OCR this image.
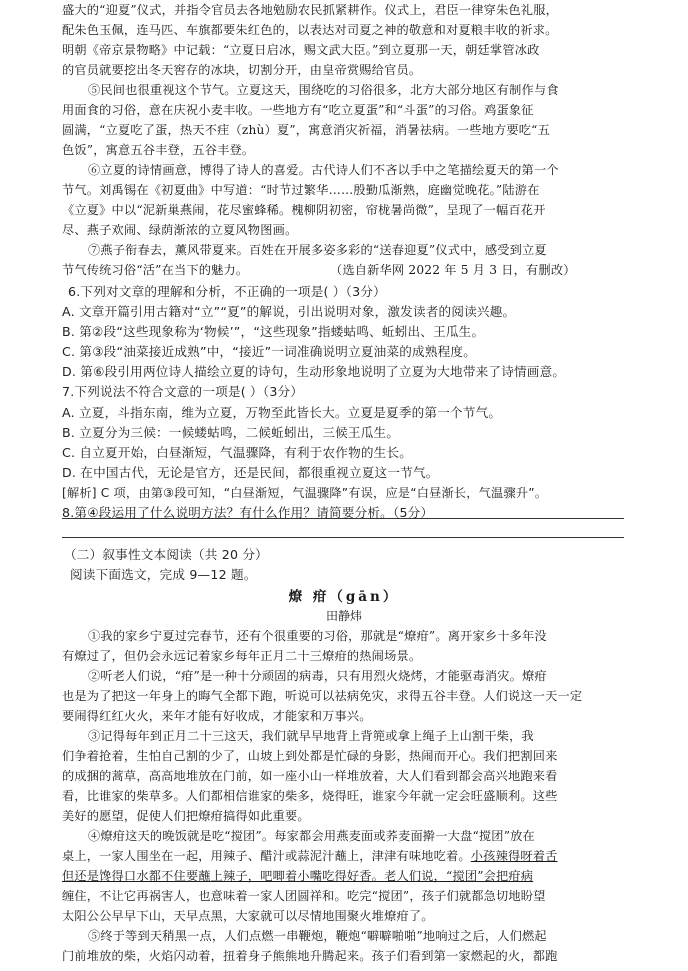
盛大的“迎夏”仪式，并指令官员去各地勉励农民抓紧耕作。仪式上，君臣一律穿朱色礼服，
配朱色玉佩，连马匹、车旗都要朱红色的，以表达对司夏之神的敬意和对夏粮丰收的祈求。
明朝《帝京景物略》中记载：“立夏日启冰，赐文武大臣。”到立夏那一天，朝廷掌管冰政
的官员就要挖出冬天窖存的冰块，切割分开，由皇帝赏赐给官员。
⑤民间也很重视这个节气。立夏这天，围绕吃的习俗很多，北方大部分地区有制作与食
用面食的习俗，意在庆祝小麦丰收。一些地方有“吃立夏蛋”和“斗蛋”的习俗。鸡蛋象征
圆满，“立夏吃了蛋，热天不疰（zhù）夏”，寓意消灾祈福，消暑祛病。一些地方要吃“五
色饭”，寓意五谷丰登，五谷丰登。
⑥立夏的诗情画意，博得了诗人的喜爱。古代诗人们不吝以手中之笔描绘夏天的第一个
节气。刘禹锡在《初夏曲》中写道：“时节过繁华……殷勤瓜渐熟，庭幽觉晚花。”陆游在
《立夏》中以“泥新巢燕闹，花尽蜜蜂稀。槐柳阴初密，帘栊暑尚微”，呈现了一幅百花开
尽、燕子欢闹、绿荫渐浓的立夏风物图画。
⑦燕子衔春去，薰风带夏来。百姓在开展多姿多彩的“送春迎夏”仪式中，感受到立夏
节气传统习俗“活”在当下的魅力。	（选自新华网 2022 年 5 月 3 日，有删改）
6.下列对文章的理解和分析，不正确的一项是( ）（3分）
A. 文章开篇引用古籍对“立”“夏”的解说，引出说明对象，激发读者的阅读兴趣。
B. 第②段“这些现象称为‘物候’”，“这些现象”指蝼蛄鸣、蚯蚓出、王瓜生。
C. 第③段“油菜接近成熟”中，“接近”一词准确说明立夏油菜的成熟程度。
D. 第⑥段引用两位诗人描绘立夏的诗句，生动形象地说明了立夏为大地带来了诗情画意。
7.下列说法不符合文意的一项是( ）（3分）
A. 立夏，斗指东南，维为立夏，万物至此皆长大。立夏是夏季的第一个节气。
B. 立夏分为三候：一候蝼蛄鸣，二候蚯蚓出，三候王瓜生。
C. 自立夏开始，白昼渐短，气温骤降，有利于农作物的生长。
D. 在中国古代，无论是官方，还是民间，都很重视立夏这一节气。
[解析] C 项，由第③段可知，“白昼渐短，气温骤降”有误，应是“白昼渐长，气温骤升”。
8.第④段运用了什么说明方法？有什么作用？请简要分析。（5分）
（二）叙事性文本阅读（共 20 分）
阅读下面选文，完成 9—12 题。
燎 疳（gān）
田静炜
①我的家乡宁夏过完春节，还有个很重要的习俗，那就是“燎疳”。离开家乡十多年没
有燎过了，但仍会永远记着家乡每年正月二十三燎疳的热闹场景。
②听老人们说，“疳”是一种十分顽固的病毒，只有用烈火烧烤，才能驱毒消灾。燎疳
也是为了把这一年身上的晦气全都下跑，听说可以祛病免灾，求得五谷丰登。人们说这一天一定
要闹得红红火火，来年才能有好收成，才能家和万事兴。
③记得每年到正月二十三这天，我们就早早地背上背篼或拿上绳子上山割干柴，我
们争着抢着，生怕自己割的少了，山坡上到处都是忙碌的身影，热闹而开心。我们把割回来
的成捆的蒿草，高高地堆放在门前，如一座小山一样堆放着，大人们看到都会高兴地跑来看
看，比谁家的柴草多。人们都相信谁家的柴多，烧得旺，谁家今年就一定会旺盛顺利。这些
美好的愿望，促使人们把燎疳搞得如此重要。
④燎疳这天的晚饭就是吃“搅团”。每家都会用燕麦面或荞麦面擀一大盘“搅团”放在
桌上，一家人围坐在一起，用辣子、醋汁或蒜泥汁蘸上，津津有味地吃着。小孩辣得呀着舌
但还是馋得口水都不住要蘸上辣子，吧唧着小嘴吃得好香。老人们说，“搅团”会把疳病
缠住，不让它再祸害人，也意味着一家人团圆祥和。吃完“搅团”，孩子们就都急切地盼望
太阳公公早早下山，天早点黑，大家就可以尽情地围聚火堆燎疳了。
⑤终于等到天稍黑一点，人们点燃一串鞭炮，鞭炮“噼噼啪啪”地响过之后，人们燃起
门前堆放的柴，火焰闪动着，扭着身子熊熊地升腾起来。孩子们看到第一家燃起的火，都跑
